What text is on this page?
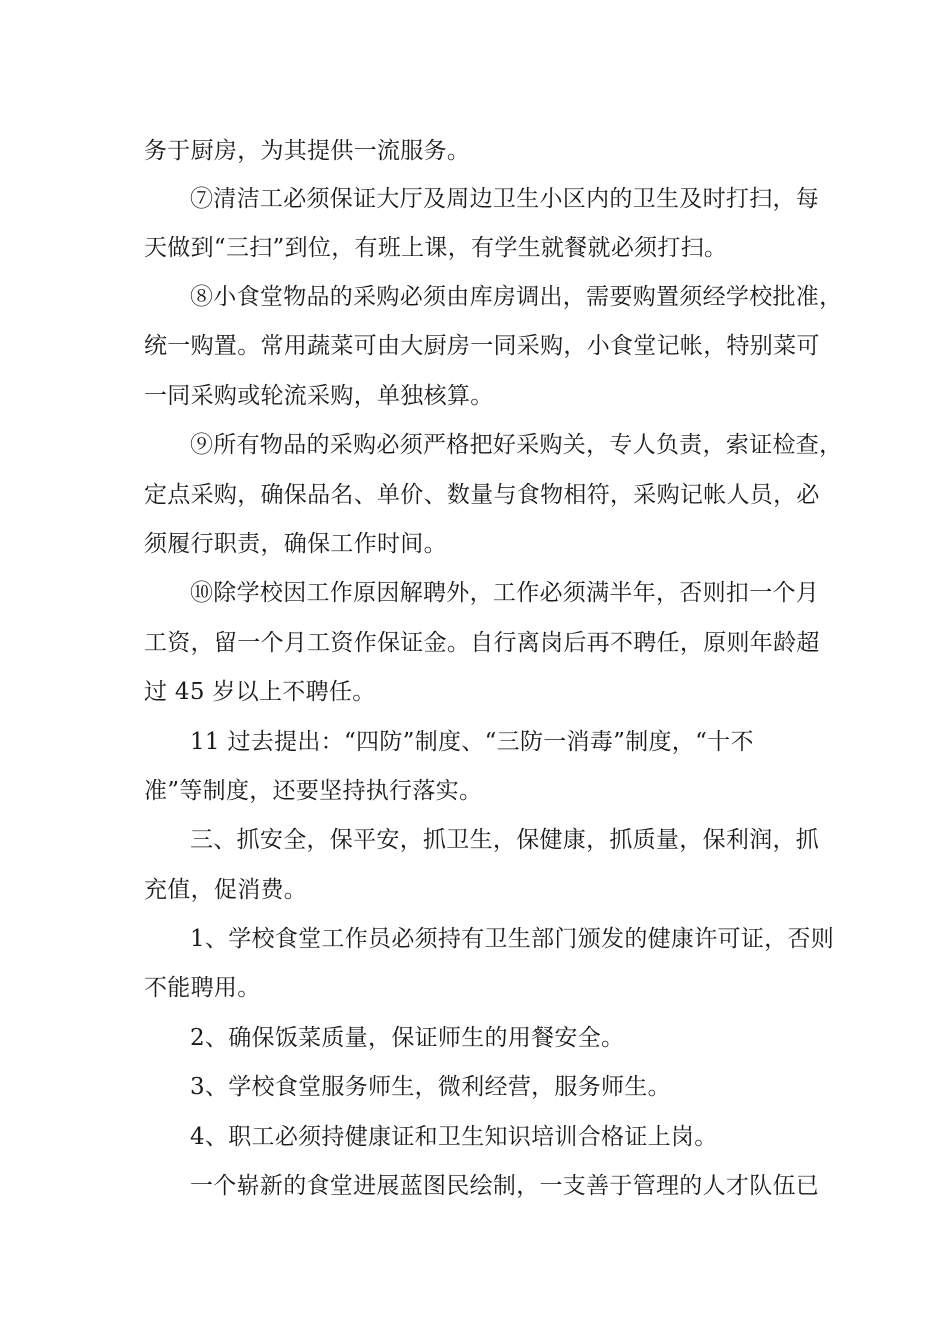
务于厨房，为其提供一流服务。
⑦清洁工必须保证大厅及周边卫生小区内的卫生及时打扫，每
天做到“三扫”到位，有班上课，有学生就餐就必须打扫。
⑧小食堂物品的采购必须由库房调出，需要购置须经学校批准，
统一购置。常用蔬菜可由大厨房一同采购，小食堂记帐，特别菜可
一同采购或轮流采购，单独核算。
⑨所有物品的采购必须严格把好采购关，专人负责，索证检查，
定点采购，确保品名、单价、数量与食物相符，采购记帐人员，必
须履行职责，确保工作时间。
⑩除学校因工作原因解聘外，工作必须满半年，否则扣一个月
工资，留一个月工资作保证金。自行离岗后再不聘任，原则年龄超
过 45 岁以上不聘任。
11 过去提出：“四防”制度、“三防一消毒”制度，“十不
准”等制度，还要坚持执行落实。
三、抓安全，保平安，抓卫生，保健康，抓质量，保利润，抓
充值，促消费。
1、学校食堂工作员必须持有卫生部门颁发的健康许可证，否则
不能聘用。
2、确保饭菜质量，保证师生的用餐安全。
3、学校食堂服务师生，微利经营，服务师生。
4、职工必须持健康证和卫生知识培训合格证上岗。
一个崭新的食堂进展蓝图民绘制，一支善于管理的人才队伍已
